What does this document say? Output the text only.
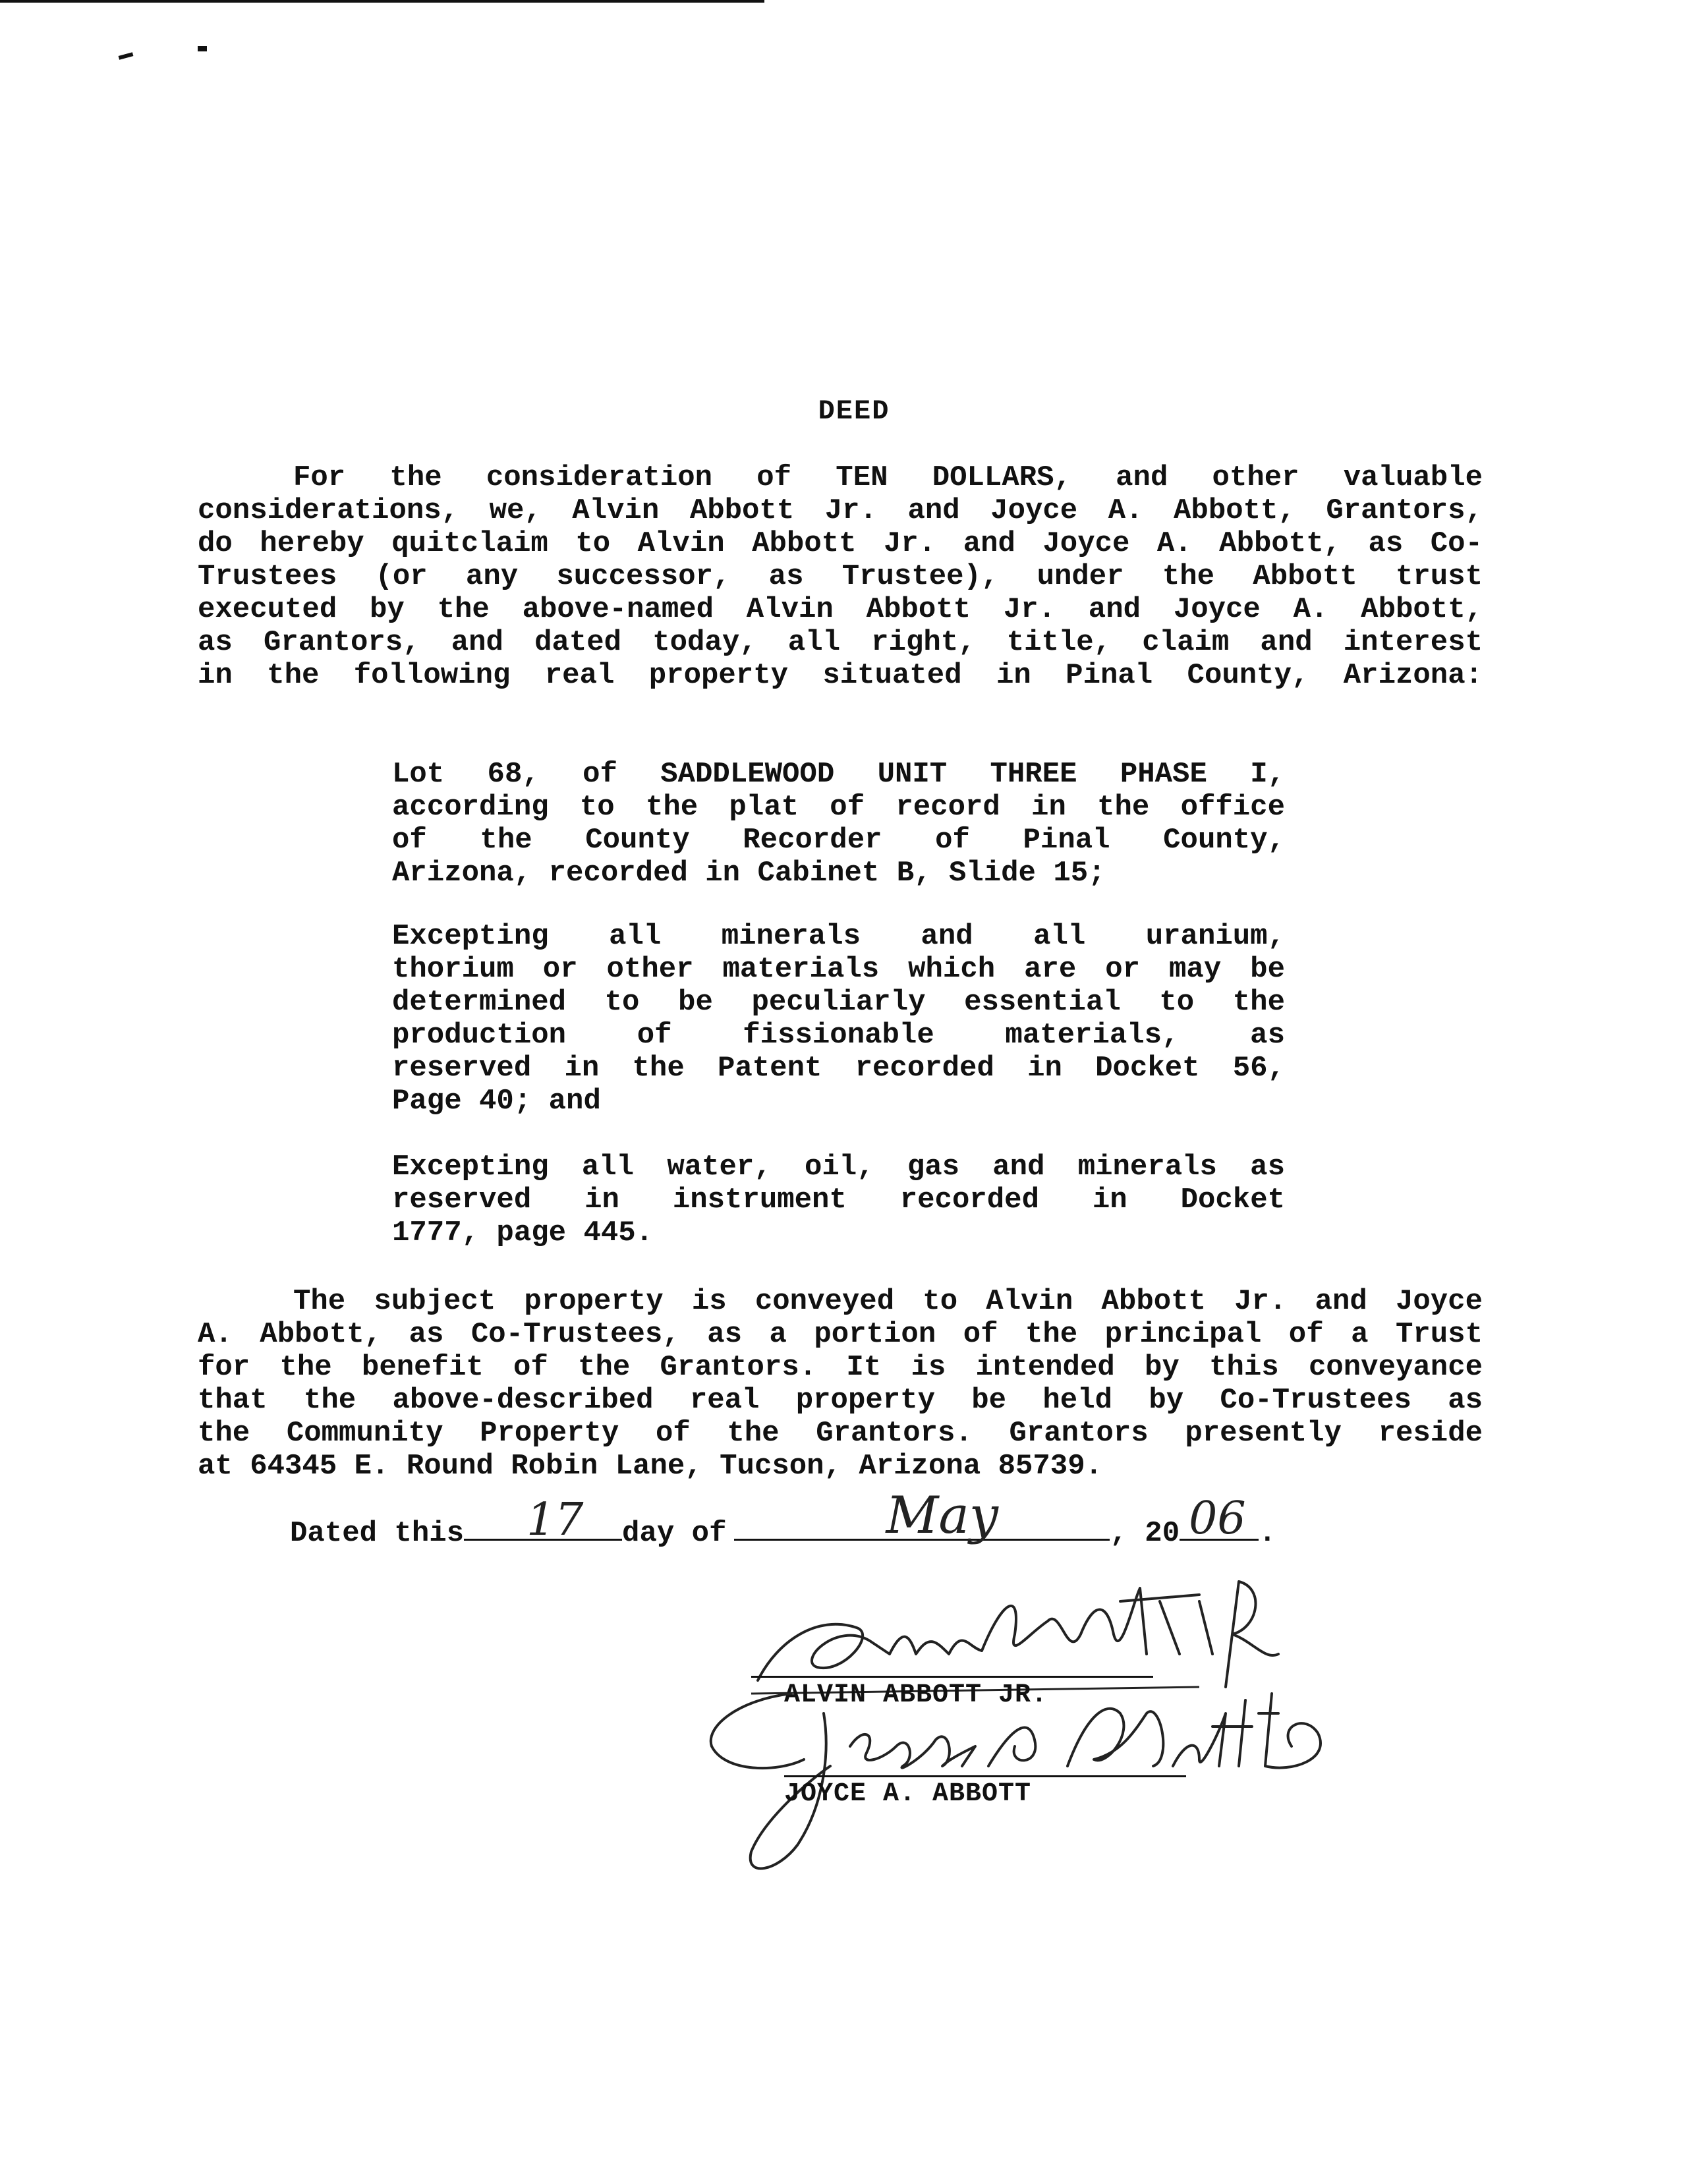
DEED
For the consideration of TEN DOLLARS, and other valuable
considerations, we, Alvin Abbott Jr. and Joyce A. Abbott, Grantors,
do hereby quitclaim to Alvin Abbott Jr. and Joyce A. Abbott, as Co-
Trustees (or any successor, as Trustee), under the Abbott trust
executed by the above-named Alvin Abbott Jr. and Joyce A. Abbott,
as Grantors, and dated today, all right, title, claim and interest
in the following real property situated in Pinal County, Arizona:
Lot 68, of SADDLEWOOD UNIT THREE PHASE I,
according to the plat of record in the office
of the County Recorder of Pinal County,
Arizona, recorded in Cabinet B, Slide 15;
Excepting all minerals and all uranium,
thorium or other materials which are or may be
determined to be peculiarly essential to the
production of fissionable materials, as
reserved in the Patent recorded in Docket 56,
Page 40; and
Excepting all water, oil, gas and minerals as
reserved in instrument recorded in Docket
1777, page 445.
The subject property is conveyed to Alvin Abbott Jr. and Joyce
A. Abbott, as Co-Trustees, as a portion of the principal of a Trust
for the benefit of the Grantors. It is intended by this conveyance
that the above-described real property be held by Co-Trustees as
the Community Property of the Grantors. Grantors presently reside
at 64345 E. Round Robin Lane, Tucson, Arizona 85739.
Dated this 17 day of	May	, 20 06 .
ALVIN ABBOTT JR.
JOYCE A. ABBOTT
